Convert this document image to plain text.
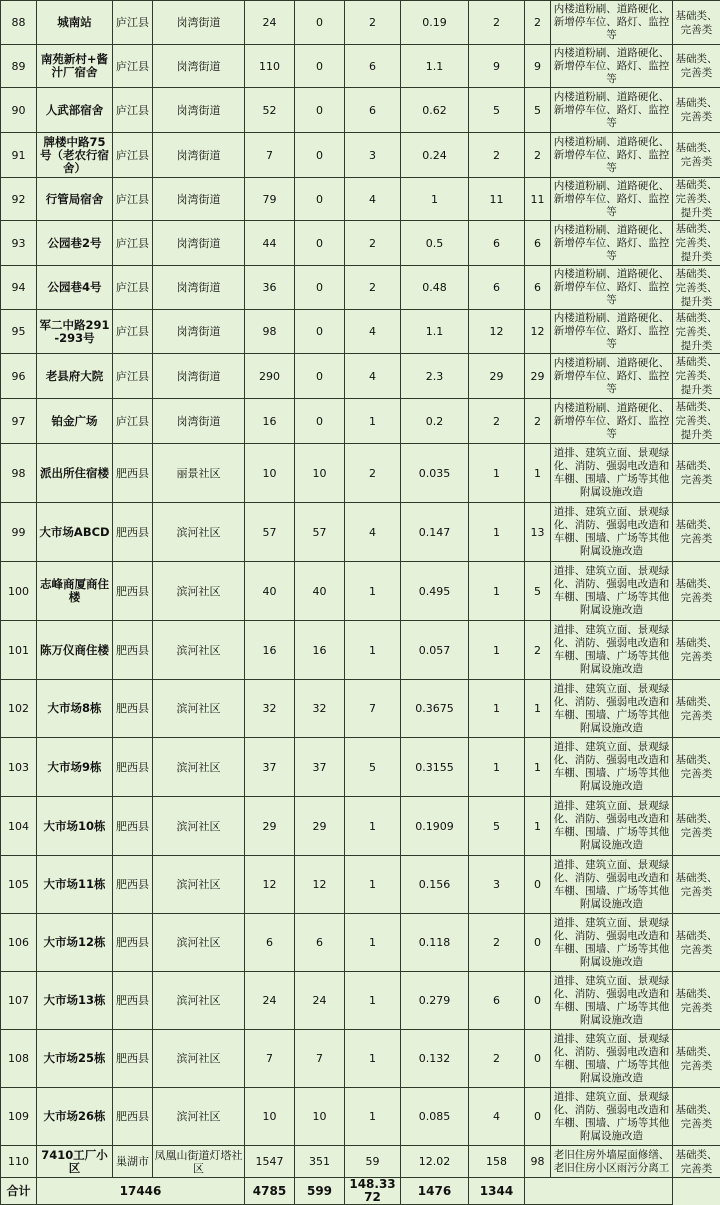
88	城南站	庐江县	岗湾街道	24	0	2	0.19	2	2	内楼道粉刷、道路硬化、新增停车位、路灯、监控等	基础类、完善类
89	南苑新村+酱汁厂宿舍	庐江县	岗湾街道	110	0	6	1.1	9	9	内楼道粉刷、道路硬化、新增停车位、路灯、监控等	基础类、完善类
90	人武部宿舍	庐江县	岗湾街道	52	0	6	0.62	5	5	内楼道粉刷、道路硬化、新增停车位、路灯、监控等	基础类、完善类
91	牌楼中路75号（老农行宿舍）	庐江县	岗湾街道	7	0	3	0.24	2	2	内楼道粉刷、道路硬化、新增停车位、路灯、监控等	基础类、完善类
92	行管局宿舍	庐江县	岗湾街道	79	0	4	1	11	11	内楼道粉刷、道路硬化、新增停车位、路灯、监控等	基础类、完善类、提升类
93	公园巷2号	庐江县	岗湾街道	44	0	2	0.5	6	6	内楼道粉刷、道路硬化、新增停车位、路灯、监控等	基础类、完善类、提升类
94	公园巷4号	庐江县	岗湾街道	36	0	2	0.48	6	6	内楼道粉刷、道路硬化、新增停车位、路灯、监控等	基础类、完善类、提升类
95	军二中路291-293号	庐江县	岗湾街道	98	0	4	1.1	12	12	内楼道粉刷、道路硬化、新增停车位、路灯、监控等	基础类、完善类、提升类
96	老县府大院	庐江县	岗湾街道	290	0	4	2.3	29	29	内楼道粉刷、道路硬化、新增停车位、路灯、监控等	基础类、完善类、提升类
97	铂金广场	庐江县	岗湾街道	16	0	1	0.2	2	2	内楼道粉刷、道路硬化、新增停车位、路灯、监控等	基础类、完善类、提升类
98	派出所住宿楼	肥西县	丽景社区	10	10	2	0.035	1	1	道排、建筑立面、景观绿化、消防、强弱电改造和车棚、围墙、广场等其他附属设施改造	基础类、完善类
99	大市场ABCD	肥西县	滨河社区	57	57	4	0.147	1	13	道排、建筑立面、景观绿化、消防、强弱电改造和车棚、围墙、广场等其他附属设施改造	基础类、完善类
100	志峰商厦商住楼	肥西县	滨河社区	40	40	1	0.495	1	5	道排、建筑立面、景观绿化、消防、强弱电改造和车棚、围墙、广场等其他附属设施改造	基础类、完善类
101	陈万仪商住楼	肥西县	滨河社区	16	16	1	0.057	1	2	道排、建筑立面、景观绿化、消防、强弱电改造和车棚、围墙、广场等其他附属设施改造	基础类、完善类
102	大市场8栋	肥西县	滨河社区	32	32	7	0.3675	1	1	道排、建筑立面、景观绿化、消防、强弱电改造和车棚、围墙、广场等其他附属设施改造	基础类、完善类
103	大市场9栋	肥西县	滨河社区	37	37	5	0.3155	1	1	道排、建筑立面、景观绿化、消防、强弱电改造和车棚、围墙、广场等其他附属设施改造	基础类、完善类
104	大市场10栋	肥西县	滨河社区	29	29	1	0.1909	5	1	道排、建筑立面、景观绿化、消防、强弱电改造和车棚、围墙、广场等其他附属设施改造	基础类、完善类
105	大市场11栋	肥西县	滨河社区	12	12	1	0.156	3	0	道排、建筑立面、景观绿化、消防、强弱电改造和车棚、围墙、广场等其他附属设施改造	基础类、完善类
106	大市场12栋	肥西县	滨河社区	6	6	1	0.118	2	0	道排、建筑立面、景观绿化、消防、强弱电改造和车棚、围墙、广场等其他附属设施改造	基础类、完善类
107	大市场13栋	肥西县	滨河社区	24	24	1	0.279	6	0	道排、建筑立面、景观绿化、消防、强弱电改造和车棚、围墙、广场等其他附属设施改造	基础类、完善类
108	大市场25栋	肥西县	滨河社区	7	7	1	0.132	2	0	道排、建筑立面、景观绿化、消防、强弱电改造和车棚、围墙、广场等其他附属设施改造	基础类、完善类
109	大市场26栋	肥西县	滨河社区	10	10	1	0.085	4	0	道排、建筑立面、景观绿化、消防、强弱电改造和车棚、围墙、广场等其他附属设施改造	基础类、完善类
110	7410工厂小区	巢湖市	凤凰山街道灯塔社区	1547	351	59	12.02	158	98	老旧住房外墙屋面修缮、老旧住房小区雨污分离工	基础类、完善类
合计	17446			4785	599	148.3372	1476	1344			
